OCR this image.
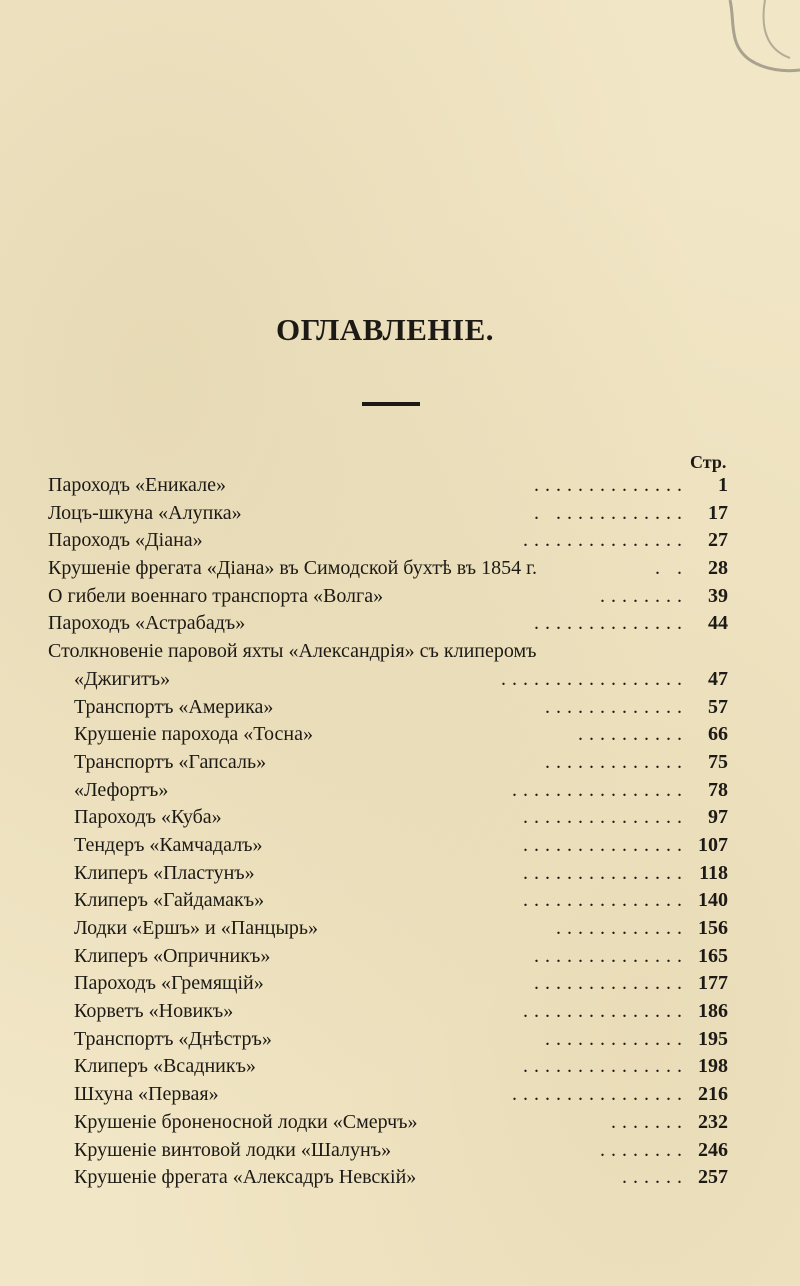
ОГЛАВЛЕНІЕ.
Стр.
Пароходъ «Еникале»	.............. 1
Лоцъ-шкуна «Алупка»	. ............ 17
Пароходъ «Діана»	............... 27
Крушеніе фрегата «Діана» въ Симодской бухтѣ въ 1854 г.	. . 28
О гибели военнаго транспорта «Волга»	........ 39
Пароходъ «Астрабадъ»	.............. 44
Столкновеніе паровой яхты «Александрія» съ клиперомъ
«Джигитъ»	................. 47
Транспортъ «Америка»	............. 57
Крушеніе парохода «Тосна»	.......... 66
Транспортъ «Гапсаль»	............. 75
«Лефортъ»	................ 78
Пароходъ «Куба»	............... 97
Тендеръ «Камчадалъ»	............... 107
Клиперъ «Пластунъ»	............... 118
Клиперъ «Гайдамакъ»	............... 140
Лодки «Ершъ» и «Панцырь»	............ 156
Клиперъ «Опричникъ»	.............. 165
Пароходъ «Гремящій»	.............. 177
Корветъ «Новикъ»	............... 186
Транспортъ «Днѣстръ»	............. 195
Клиперъ «Всадникъ»	............... 198
Шхуна «Первая»	................ 216
Крушеніе броненосной лодки «Смерчъ»	....... 232
Крушеніе винтовой лодки «Шалунъ»	........ 246
Крушеніе фрегата «Алексадръ Невскій»	...... 257
